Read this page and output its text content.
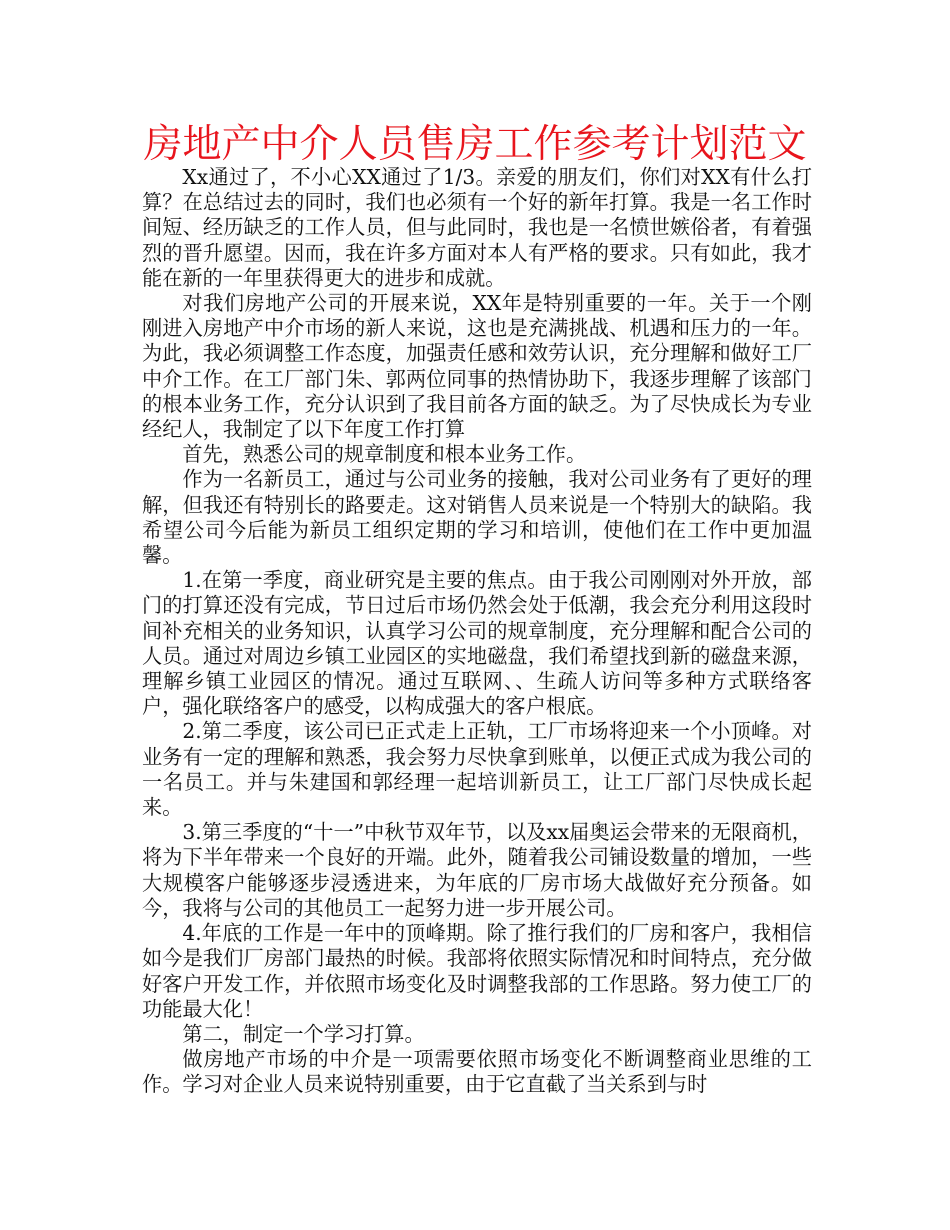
房地产中介人员售房工作参考计划范文

Xx通过了，不小心XX通过了1/3。亲爱的朋友们，你们对XX有什么打算？在总结过去的同时，我们也必须有一个好的新年打算。我是一名工作时间短、经历缺乏的工作人员，但与此同时，我也是一名愤世嫉俗者，有着强烈的晋升愿望。因而，我在许多方面对本人有严格的要求。只有如此，我才能在新的一年里获得更大的进步和成就。

对我们房地产公司的开展来说，XX年是特别重要的一年。关于一个刚刚进入房地产中介市场的新人来说，这也是充满挑战、机遇和压力的一年。为此，我必须调整工作态度，加强责任感和效劳认识，充分理解和做好工厂中介工作。在工厂部门朱、郭两位同事的热情协助下，我逐步理解了该部门的根本业务工作，充分认识到了我目前各方面的缺乏。为了尽快成长为专业经纪人，我制定了以下年度工作打算

首先，熟悉公司的规章制度和根本业务工作。

作为一名新员工，通过与公司业务的接触，我对公司业务有了更好的理解，但我还有特别长的路要走。这对销售人员来说是一个特别大的缺陷。我希望公司今后能为新员工组织定期的学习和培训，使他们在工作中更加温馨。

1.在第一季度，商业研究是主要的焦点。由于我公司刚刚对外开放，部门的打算还没有完成，节日过后市场仍然会处于低潮，我会充分利用这段时间补充相关的业务知识，认真学习公司的规章制度，充分理解和配合公司的人员。通过对周边乡镇工业园区的实地磁盘，我们希望找到新的磁盘来源，理解乡镇工业园区的情况。通过互联网、、生疏人访问等多种方式联络客户，强化联络客户的感受，以构成强大的客户根底。

2.第二季度，该公司已正式走上正轨，工厂市场将迎来一个小顶峰。对业务有一定的理解和熟悉，我会努力尽快拿到账单，以便正式成为我公司的一名员工。并与朱建国和郭经理一起培训新员工，让工厂部门尽快成长起来。

3.第三季度的“十一”中秋节双年节，以及xx届奥运会带来的无限商机，将为下半年带来一个良好的开端。此外，随着我公司铺设数量的增加，一些大规模客户能够逐步浸透进来，为年底的厂房市场大战做好充分预备。如今，我将与公司的其他员工一起努力进一步开展公司。

4.年底的工作是一年中的顶峰期。除了推行我们的厂房和客户，我相信如今是我们厂房部门最热的时候。我部将依照实际情况和时间特点，充分做好客户开发工作，并依照市场变化及时调整我部的工作思路。努力使工厂的功能最大化！

第二，制定一个学习打算。

做房地产市场的中介是一项需要依照市场变化不断调整商业思维的工作。学习对企业人员来说特别重要，由于它直截了当关系到与时
